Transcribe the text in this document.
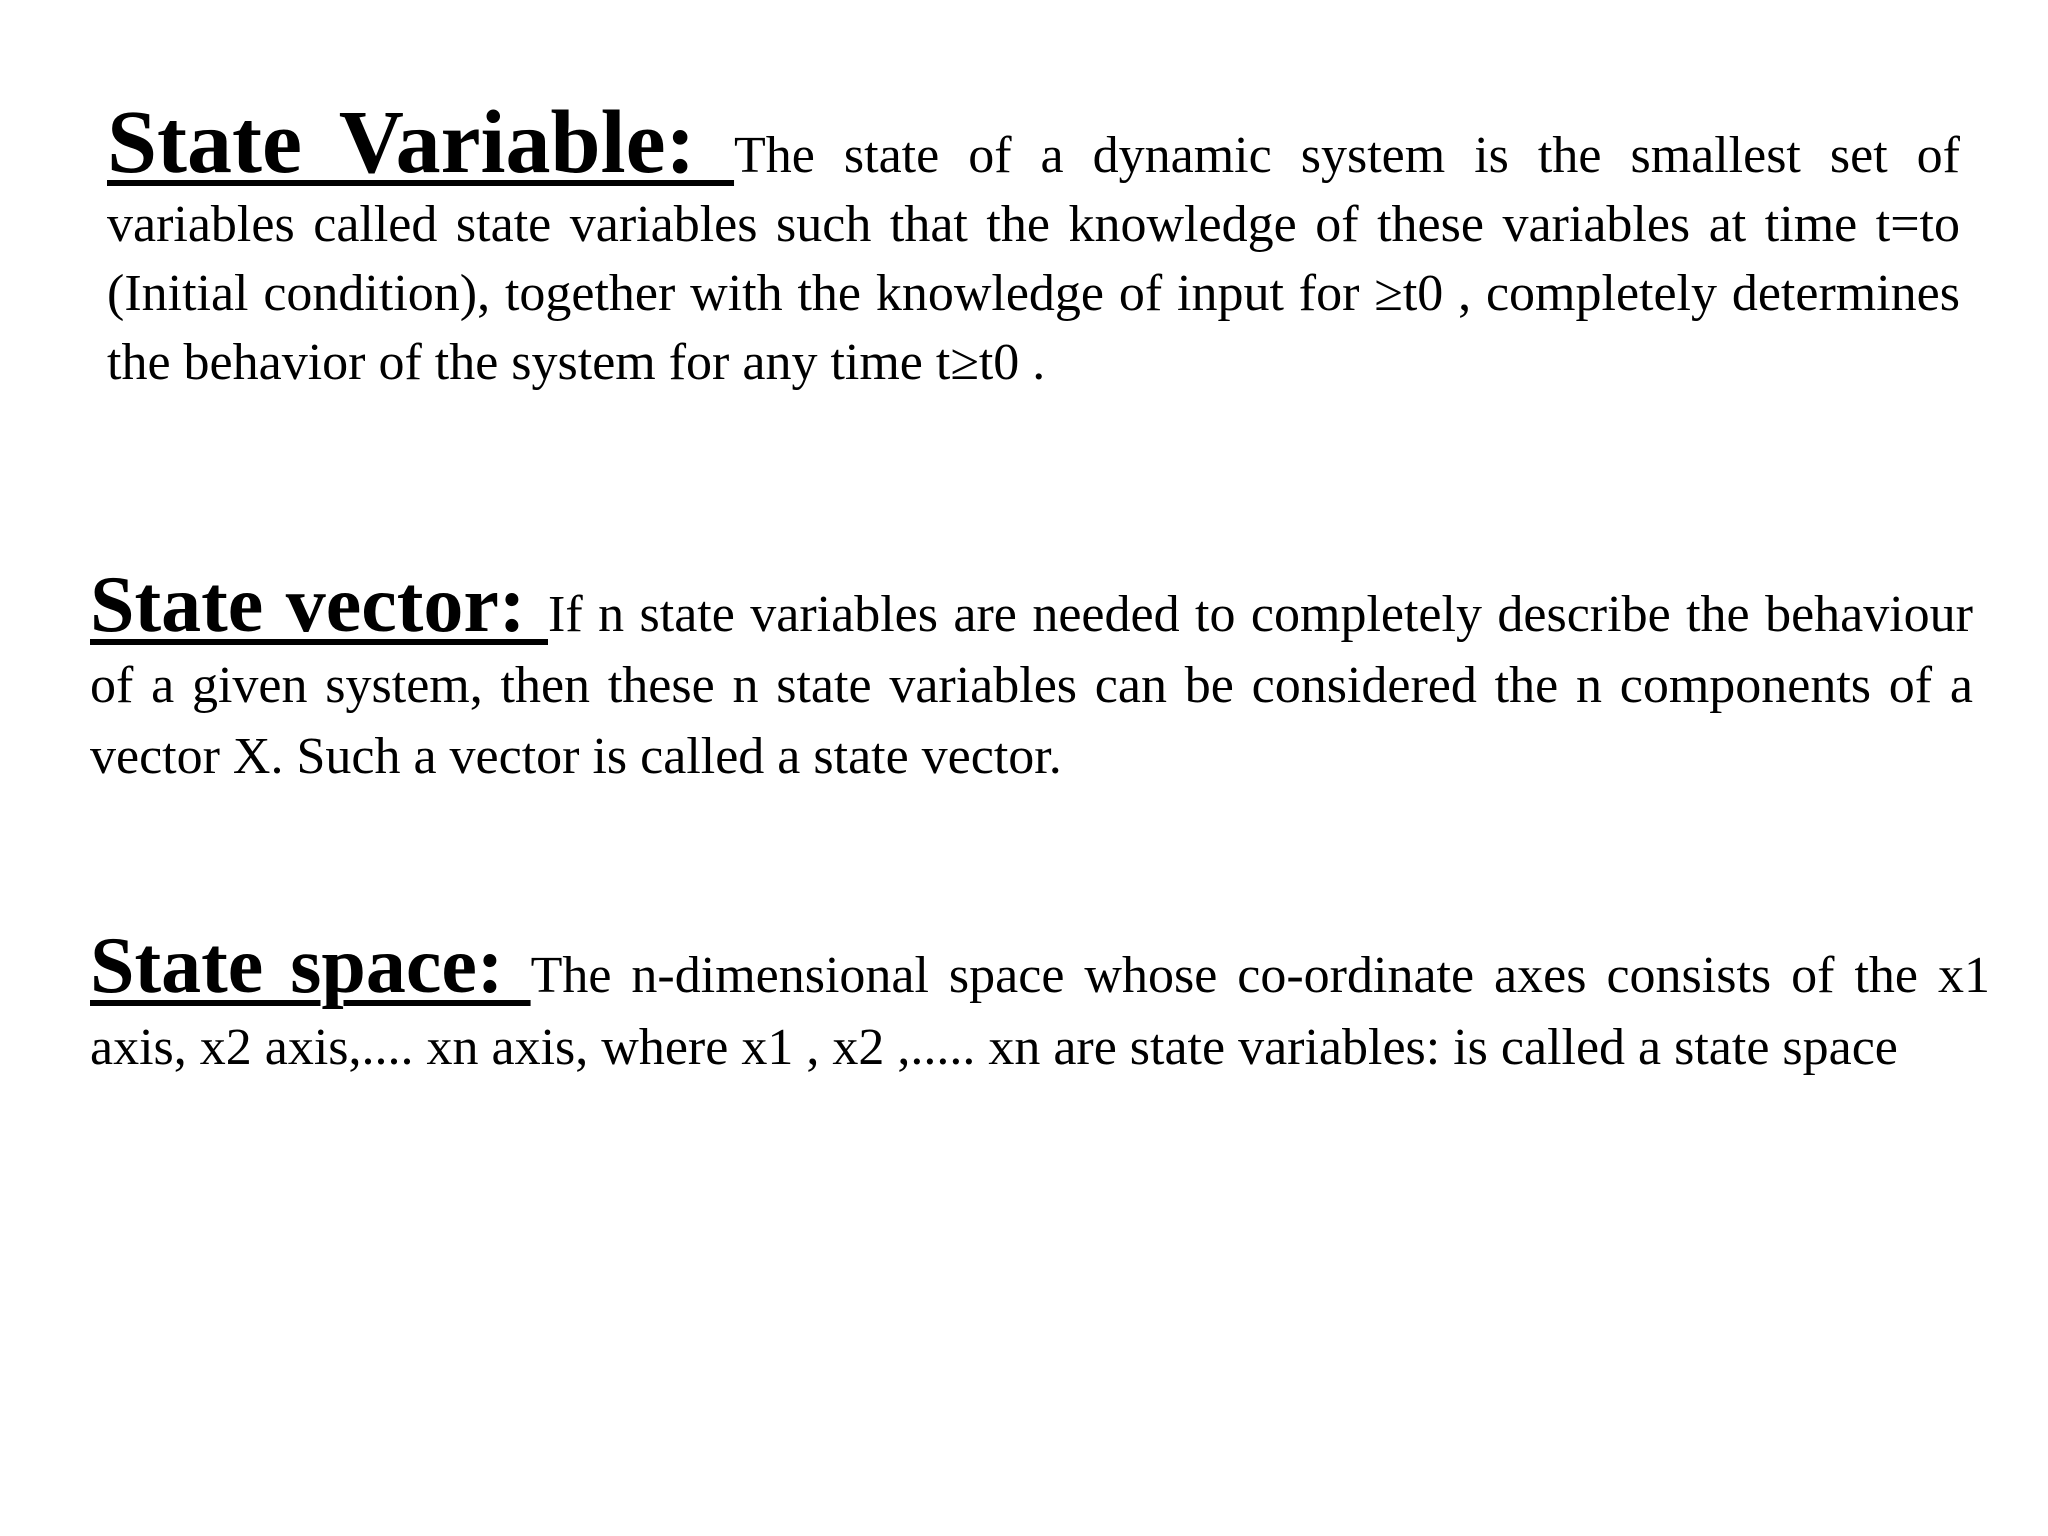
State Variable: The state of a dynamic system is the smallest set of variables called state variables such that the knowledge of these variables at time t=to (Initial condition), together with the knowledge of input for ≥t0 , completely determines the behavior of the system for any time t≥t0 .

State vector: If n state variables are needed to completely describe the behaviour of a given system, then these n state variables can be considered the n components of a vector X. Such a vector is called a state vector.

State space: The n-dimensional space whose co-ordinate axes consists of the x1 axis, x2 axis,.... xn axis, where x1 , x2 ,..... xn are state variables: is called a state space
